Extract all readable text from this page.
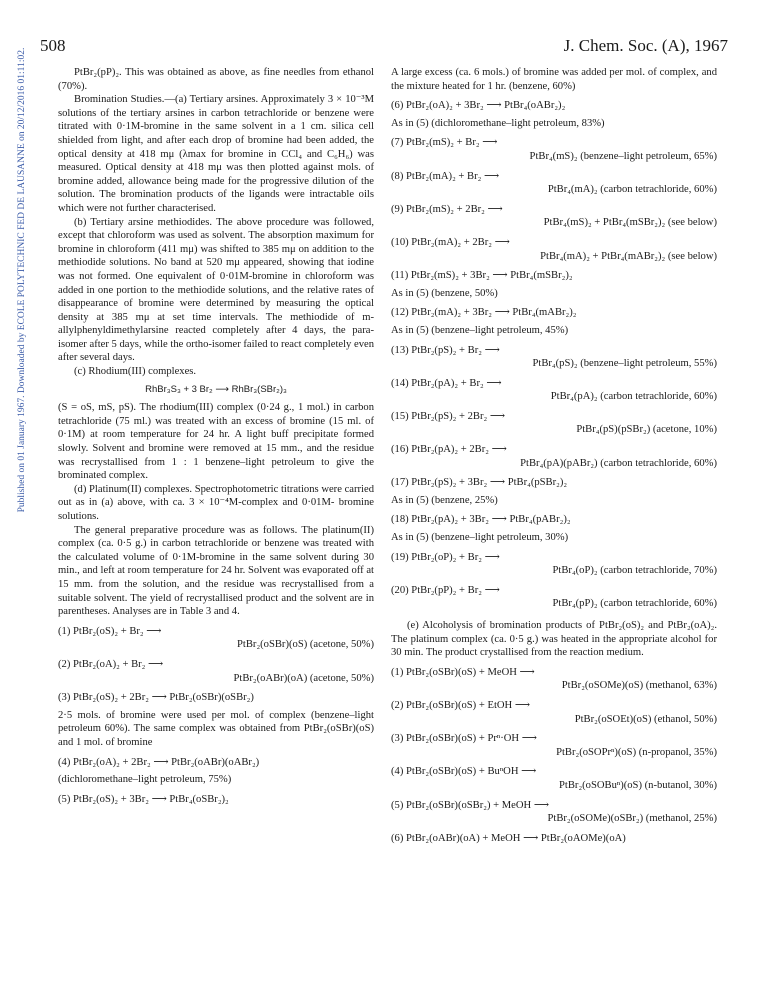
Published on 01 January 1967. Downloaded by ECOLE POLYTECHNIC FED DE LAUSANNE on 20/12/2016 01:11:02.
508	J. Chem. Soc. (A), 1967

PtBr₂(pP)₂. This was obtained as above, as fine needles from ethanol (70%).

Bromination Studies.—(a) Tertiary arsines. Approximately 3 × 10⁻³M solutions of the tertiary arsines in carbon tetrachloride or benzene were titrated with 0·1M-bromine in the same solvent in a 1 cm. silica cell shielded from light, and after each drop of bromine had been added, the optical density at 418 mμ (λmax for bromine in CCl₄ and C₆H₆) was measured. Optical density at 418 mμ was then plotted against mols. of bromine added, allowance being made for the progressive dilution of the solution. The bromination products of the ligands were intractable oils which were not further characterised.

(b) Tertiary arsine methiodides. The above procedure was followed, except that chloroform was used as solvent. The absorption maximum for bromine in chloroform (411 mμ) was shifted to 385 mμ on addition to the methiodide solutions. No band at 520 mμ appeared, showing that iodine was not formed. One equivalent of 0·01M-bromine in chloroform was added in one portion to the methiodide solutions, and the relative rates of disappearance of bromine were determined by measuring the optical density at 385 mμ at set time intervals. The methiodide of m-allylphenyldimethylarsine reacted completely after 4 days, the para-isomer after 5 days, while the ortho-isomer failed to react completely even after several days.

(c) Rhodium(III) complexes.

RhBr₃S₃ + 3 Br₂ ⟶ RhBr₃(SBr₂)₃

(S = oS, mS, pS). The rhodium(III) complex (0·24 g., 1 mol.) in carbon tetrachloride (75 ml.) was treated with an excess of bromine (15 ml. of 0·1M) at room temperature for 24 hr. A light buff precipitate formed slowly. Solvent and bromine were removed at 15 mm., and the residue was recrystallised from 1 : 1 benzene–light petroleum to give the brominated complex.

(d) Platinum(II) complexes. Spectrophotometric titrations were carried out as in (a) above, with ca. 3 × 10⁻⁴M-complex and 0·01M- bromine solutions.

The general preparative procedure was as follows. The platinum(II) complex (ca. 0·5 g.) in carbon tetrachloride or benzene was treated with the calculated volume of 0·1M-bromine in the same solvent during 30 min., and left at room temperature for 24 hr. Solvent was evaporated off at 15 mm. from the solution, and the residue was recrystallised from a suitable solvent. The yield of recrystallised product and the solvent are in parentheses. Analyses are in Table 3 and 4.

(1) PtBr₂(oS)₂ + Br₂ ⟶
PtBr₂(oSBr)(oS) (acetone, 50%)
(2) PtBr₂(oA)₂ + Br₂ ⟶
PtBr₂(oABr)(oA) (acetone, 50%)
(3) PtBr₂(oS)₂ + 2Br₂ ⟶ PtBr₂(oSBr)(oSBr₂)

2·5 mols. of bromine were used per mol. of complex (benzene–light petroleum 60%). The same complex was obtained from PtBr₂(oSBr)(oS) and 1 mol. of bromine

(4) PtBr₂(oA)₂ + 2Br₂ ⟶ PtBr₂(oABr)(oABr₂)

(dichloromethane–light petroleum, 75%)

(5) PtBr₂(oS)₂ + 3Br₂ ⟶ PtBr₄(oSBr₂)₂

A large excess (ca. 6 mols.) of bromine was added per mol. of complex, and the mixture heated for 1 hr. (benzene, 60%)

(6) PtBr₂(oA)₂ + 3Br₂ ⟶ PtBr₄(oABr₂)₂

As in (5) (dichloromethane–light petroleum, 83%)

(7) PtBr₂(mS)₂ + Br₂ ⟶
PtBr₄(mS)₂ (benzene–light petroleum, 65%)
(8) PtBr₂(mA)₂ + Br₂ ⟶
PtBr₄(mA)₂ (carbon tetrachloride, 60%)
(9) PtBr₂(mS)₂ + 2Br₂ ⟶
PtBr₄(mS)₂ + PtBr₄(mSBr₂)₂ (see below)
(10) PtBr₂(mA)₂ + 2Br₂ ⟶
PtBr₄(mA)₂ + PtBr₄(mABr₂)₂ (see below)
(11) PtBr₂(mS)₂ + 3Br₂ ⟶ PtBr₄(mSBr₂)₂

As in (5) (benzene, 50%)

(12) PtBr₂(mA)₂ + 3Br₂ ⟶ PtBr₄(mABr₂)₂

As in (5) (benzene–light petroleum, 45%)

(13) PtBr₂(pS)₂ + Br₂ ⟶
PtBr₄(pS)₂ (benzene–light petroleum, 55%)
(14) PtBr₂(pA)₂ + Br₂ ⟶
PtBr₄(pA)₂ (carbon tetrachloride, 60%)
(15) PtBr₂(pS)₂ + 2Br₂ ⟶
PtBr₄(pS)(pSBr₂) (acetone, 10%)
(16) PtBr₂(pA)₂ + 2Br₂ ⟶
PtBr₄(pA)(pABr₂) (carbon tetrachloride, 60%)
(17) PtBr₂(pS)₂ + 3Br₂ ⟶ PtBr₄(pSBr₂)₂

As in (5) (benzene, 25%)

(18) PtBr₂(pA)₂ + 3Br₂ ⟶ PtBr₄(pABr₂)₂

As in (5) (benzene–light petroleum, 30%)

(19) PtBr₂(oP)₂ + Br₂ ⟶
PtBr₄(oP)₂ (carbon tetrachloride, 70%)
(20) PtBr₂(pP)₂ + Br₂ ⟶
PtBr₄(pP)₂ (carbon tetrachloride, 60%)

(e) Alcoholysis of bromination products of PtBr₂(oS)₂ and PtBr₂(oA)₂. The platinum complex (ca. 0·5 g.) was heated in the appropriate alcohol for 30 min. The product crystallised from the reaction medium.

(1) PtBr₂(oSBr)(oS) + MeOH ⟶
PtBr₂(oSOMe)(oS) (methanol, 63%)
(2) PtBr₂(oSBr)(oS) + EtOH ⟶
PtBr₂(oSOEt)(oS) (ethanol, 50%)
(3) PtBr₂(oSBr)(oS) + Prⁿ·OH ⟶
PtBr₂(oSOPrⁿ)(oS) (n-propanol, 35%)
(4) PtBr₂(oSBr)(oS) + BuⁿOH ⟶
PtBr₂(oSOBuⁿ)(oS) (n-butanol, 30%)
(5) PtBr₂(oSBr)(oSBr₂) + MeOH ⟶
PtBr₂(oSOMe)(oSBr₂) (methanol, 25%)
(6) PtBr₂(oABr)(oA) + MeOH ⟶ PtBr₂(oAOMe)(oA)
